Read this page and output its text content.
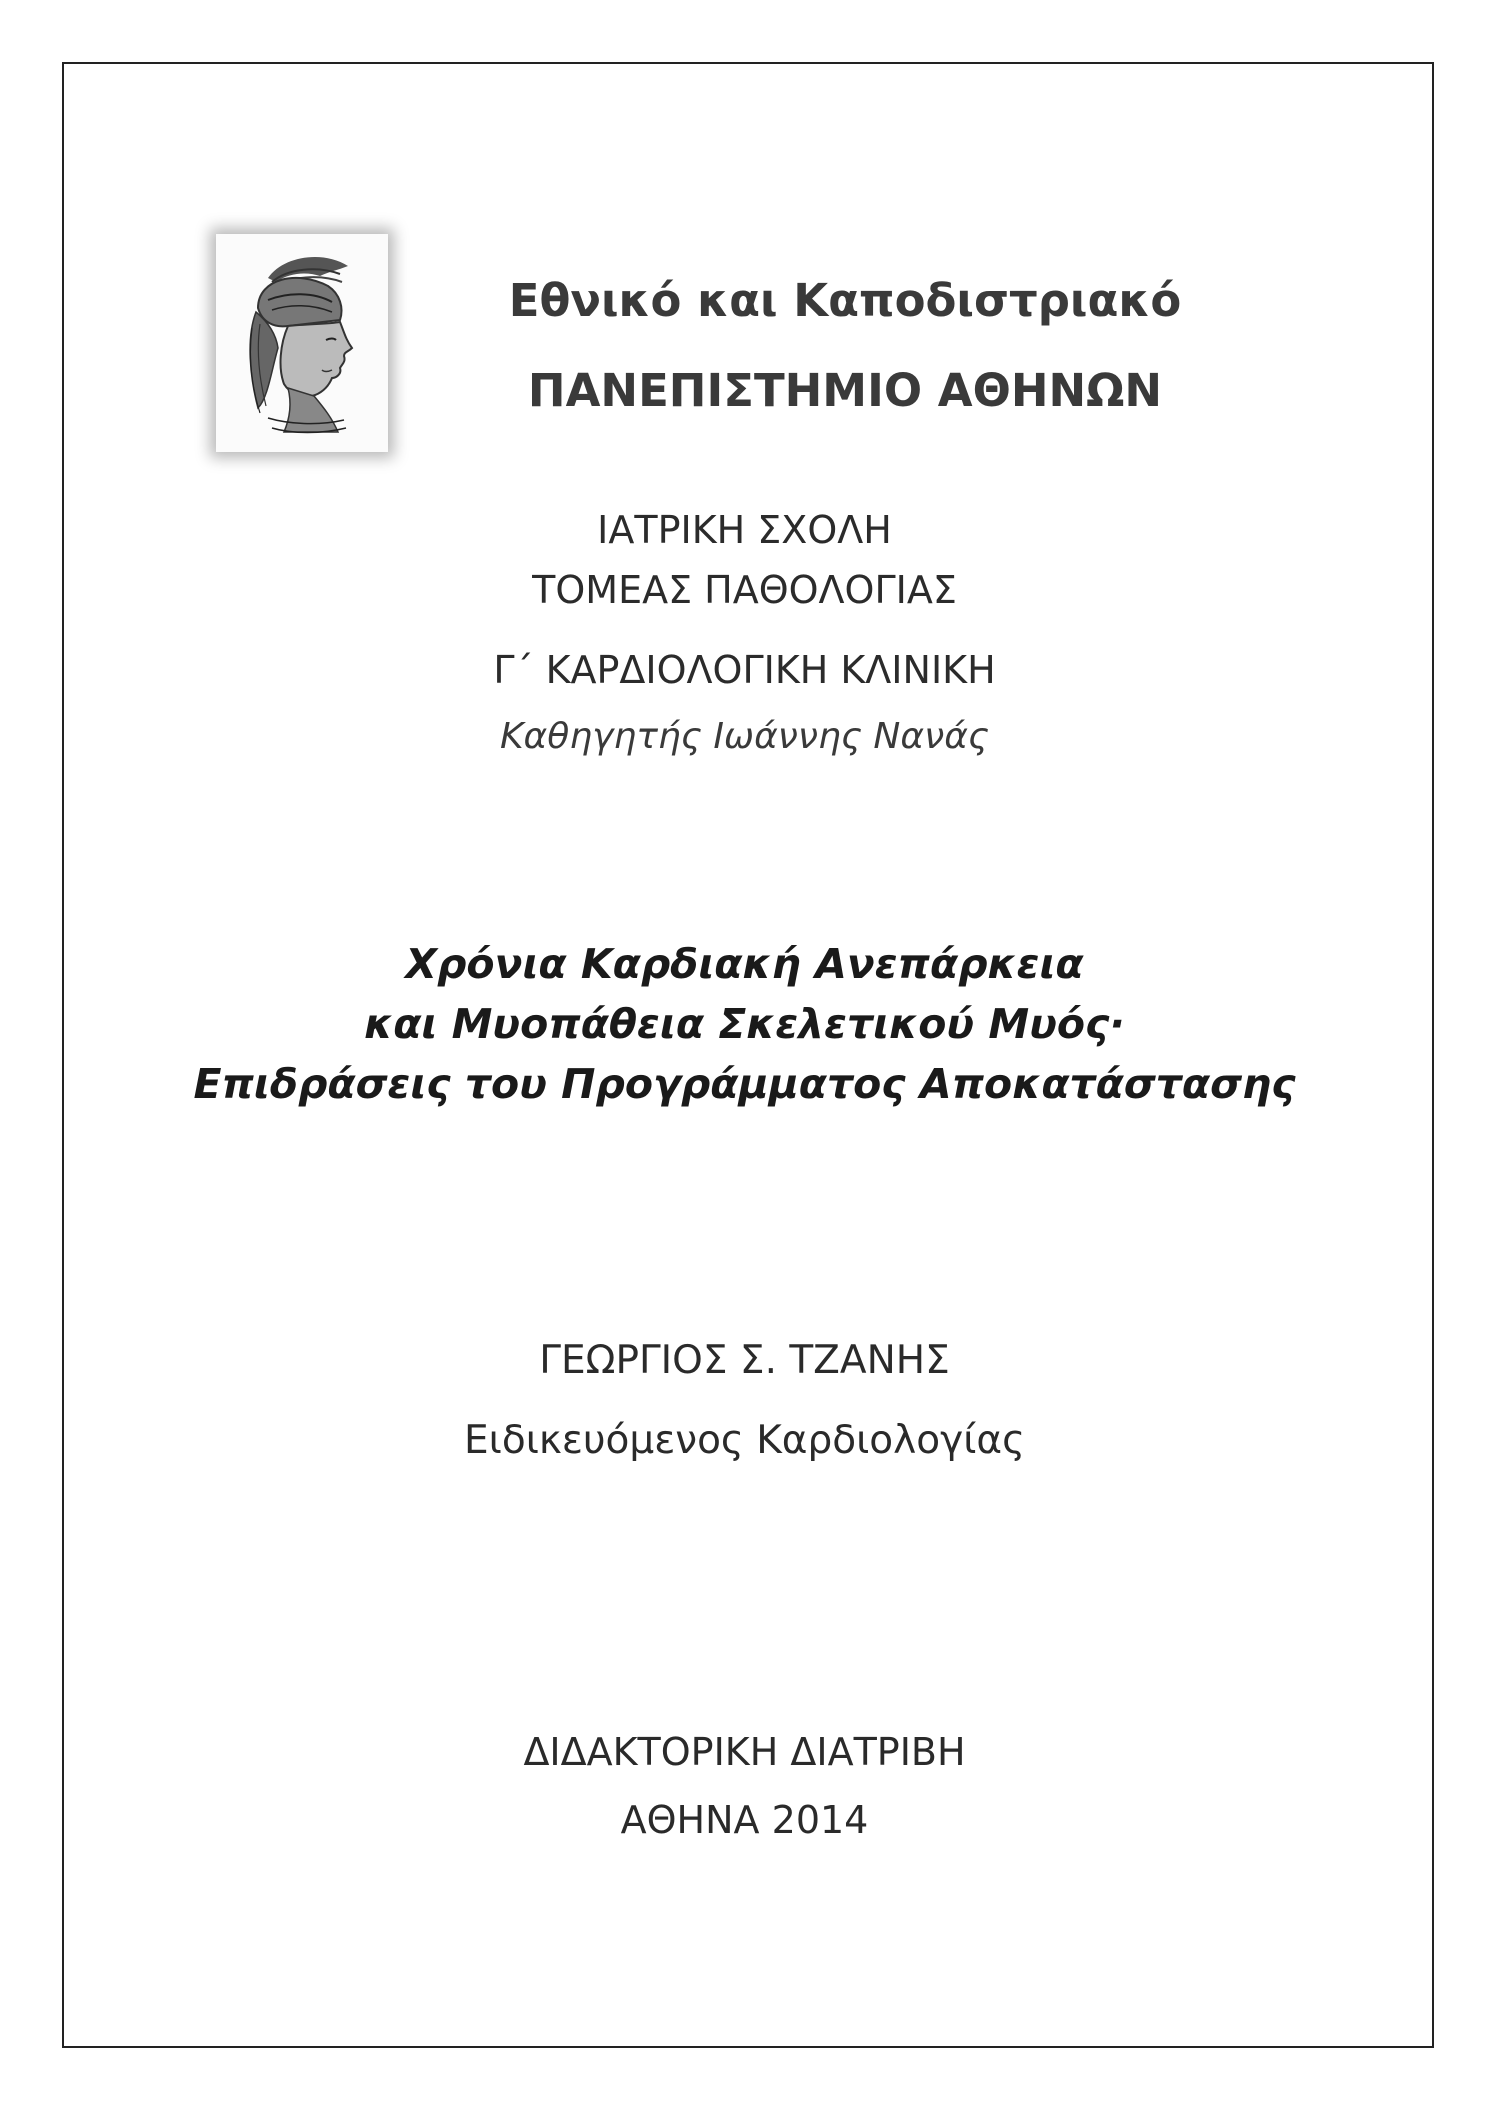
Εθνικό και Καποδιστριακό
ΠΑΝΕΠΙΣΤΗΜΙΟ ΑΘΗΝΩΝ
ΙΑΤΡΙΚΗ ΣΧΟΛΗ
ΤΟΜΕΑΣ ΠΑΘΟΛΟΓΙΑΣ
Γ΄ ΚΑΡΔΙΟΛΟΓΙΚΗ ΚΛΙΝΙΚΗ
Καθηγητής Ιωάννης Νανάς
Χρόνια Καρδιακή Ανεπάρκεια
και Μυοπάθεια Σκελετικού Μυός·
Επιδράσεις του Προγράμματος Αποκατάστασης
ΓΕΩΡΓΙΟΣ Σ. ΤΖΑΝΗΣ
Ειδικευόμενος Καρδιολογίας
ΔΙΔΑΚΤΟΡΙΚΗ ΔΙΑΤΡΙΒΗ
ΑΘΗΝΑ 2014
